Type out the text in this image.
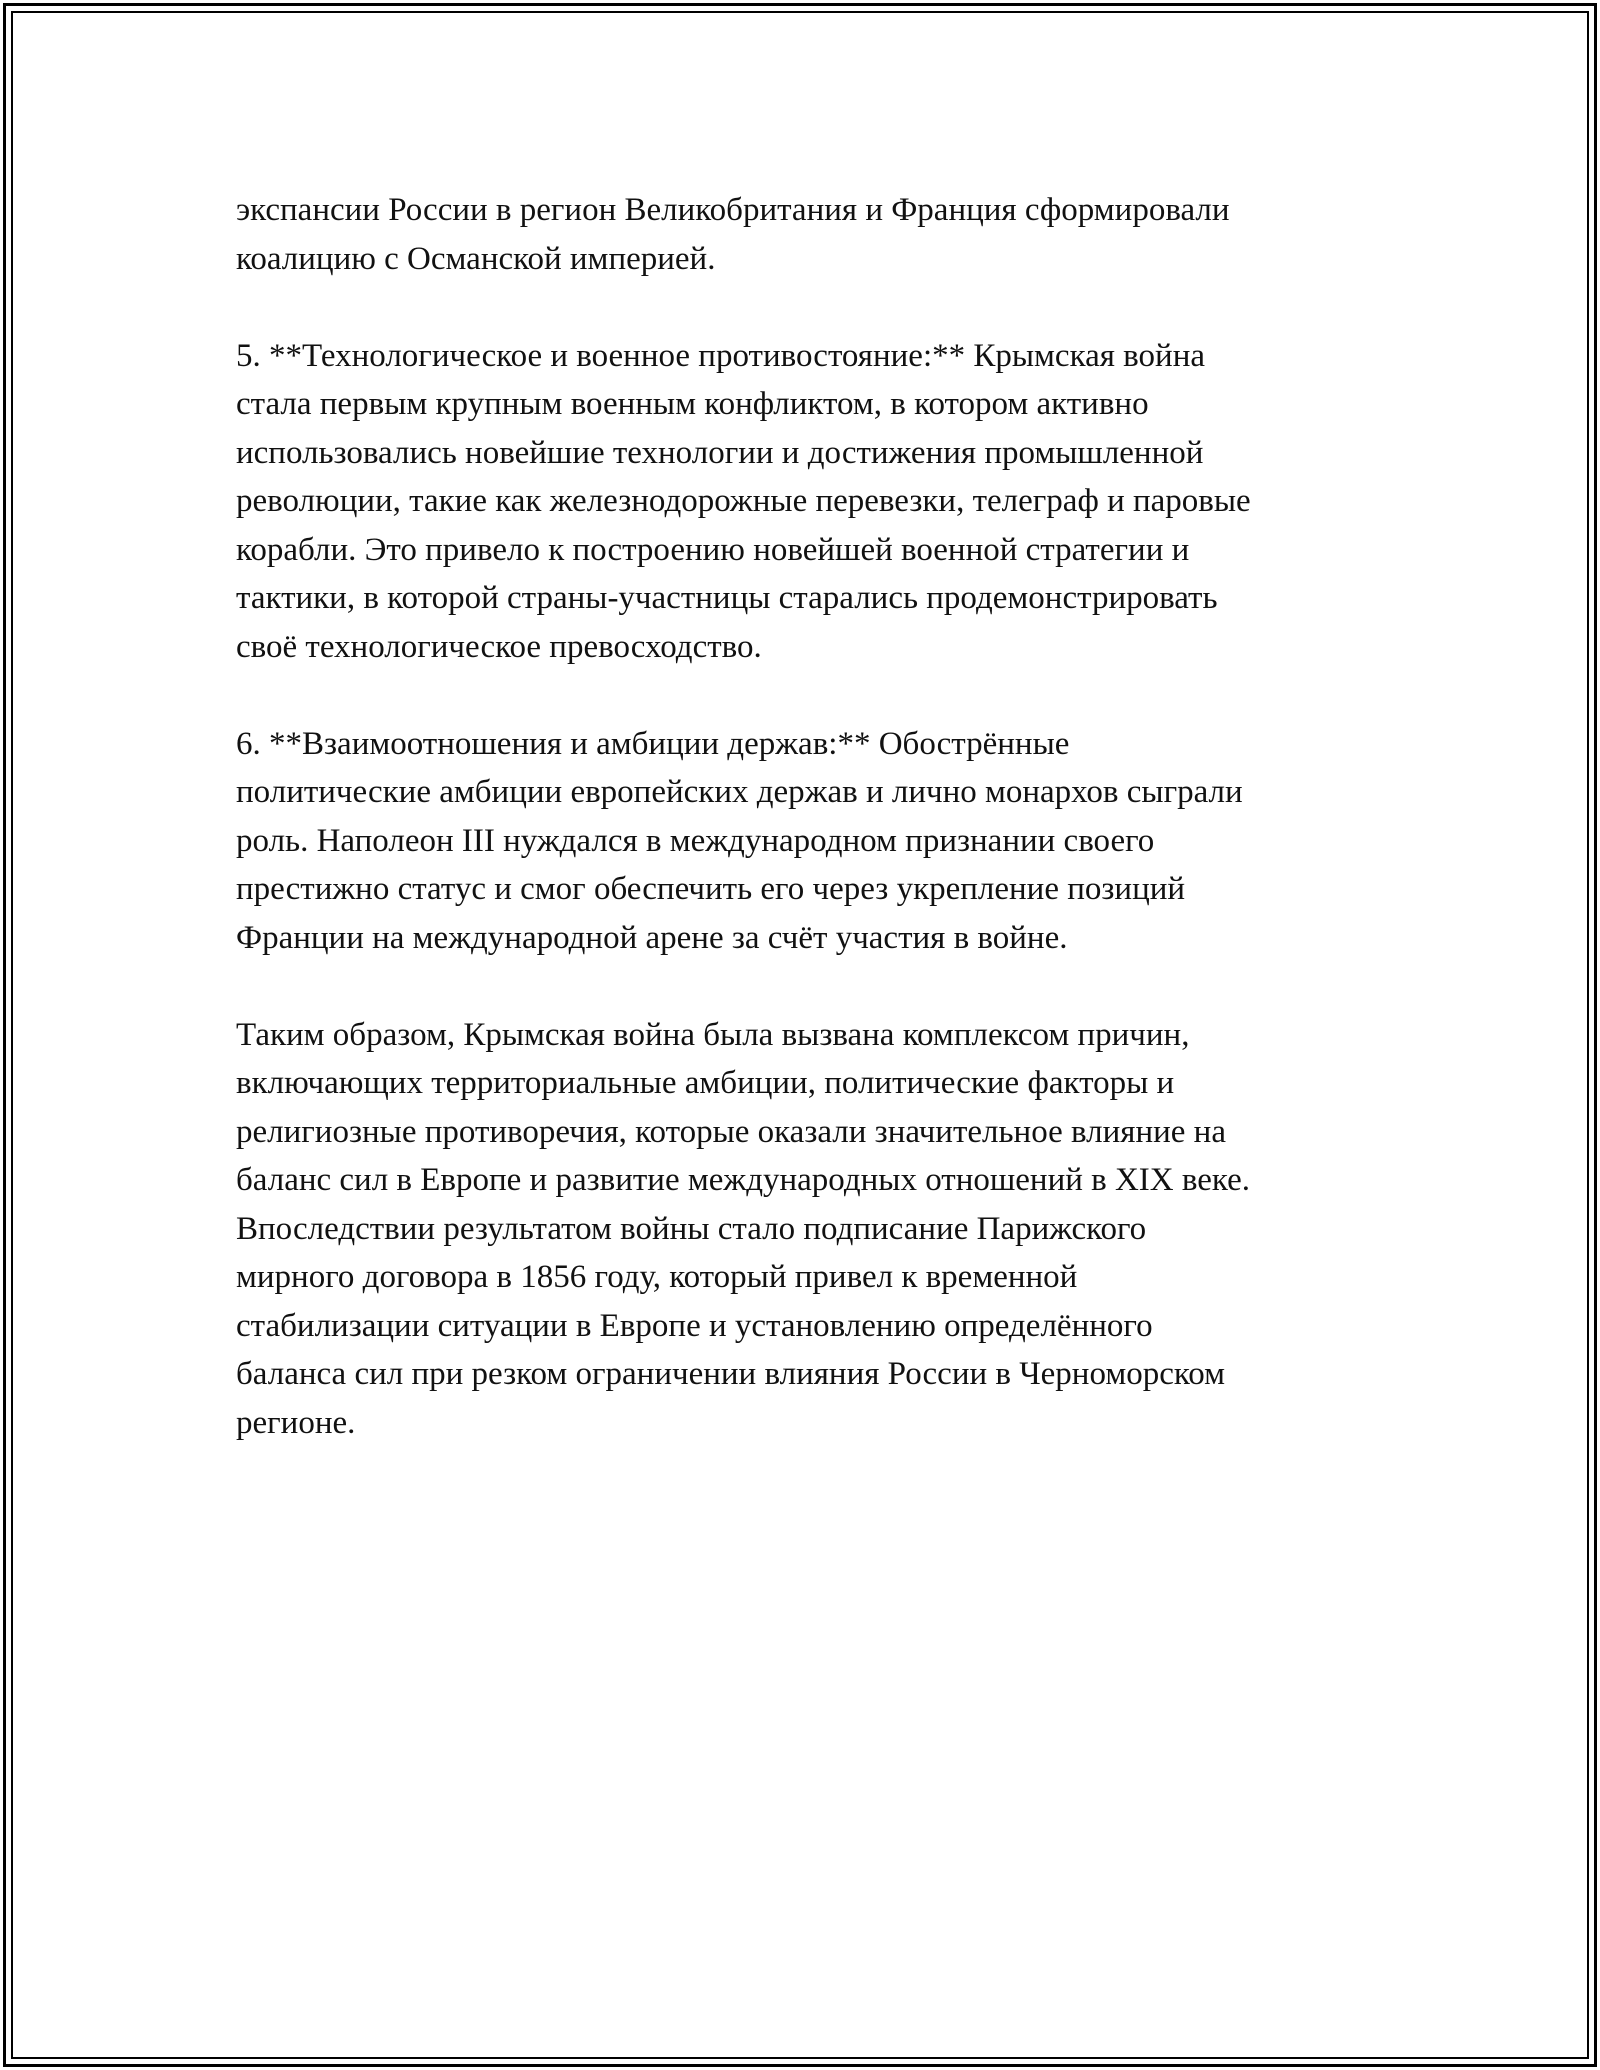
экспансии России в регион Великобритания и Франция сформировали
коалицию с Османской империей.
5. **Технологическое и военное противостояние:** Крымская война
стала первым крупным военным конфликтом, в котором активно
использовались новейшие технологии и достижения промышленной
революции, такие как железнодорожные перевезки, телеграф и паровые
корабли. Это привело к построению новейшей военной стратегии и
тактики, в которой страны-участницы старались продемонстрировать
своё технологическое превосходство.
6. **Взаимоотношения и амбиции держав:** Обострённые
политические амбиции европейских держав и лично монархов сыграли
роль. Наполеон III нуждался в международном признании своего
престижно статус и смог обеспечить его через укрепление позиций
Франции на международной арене за счёт участия в войне.
Таким образом, Крымская война была вызвана комплексом причин,
включающих территориальные амбиции, политические факторы и
религиозные противоречия, которые оказали значительное влияние на
баланс сил в Европе и развитие международных отношений в XIX веке.
Впоследствии результатом войны стало подписание Парижского
мирного договора в 1856 году, который привел к временной
стабилизации ситуации в Европе и установлению определённого
баланса сил при резком ограничении влияния России в Черноморском
регионе.
